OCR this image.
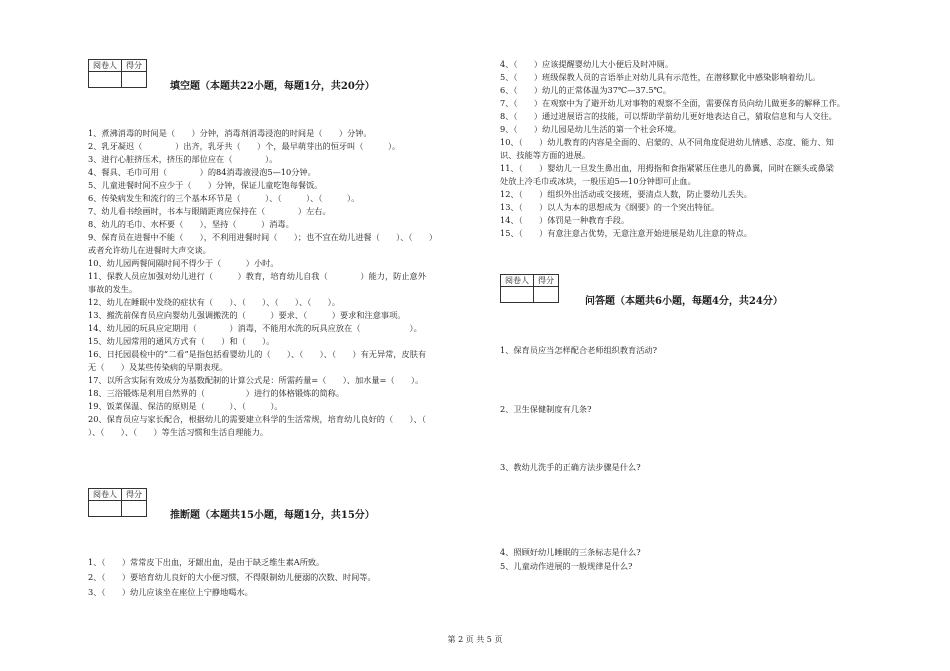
阅卷人	得分

填空题（本题共22小题，每题1分，共20分）
1、煮沸消毒的时间是（　　）分钟，消毒剂消毒浸泡的时间是（　　）分钟。
2、乳牙凝迟（　　　　）出齐，乳牙共（　　）个，最早萌芽出的恒牙叫（　　　）。
3、进行心脏挤压术，挤压的部位应在（　　　　）。
4、餐具、毛巾可用（　　　　）的84消毒液浸泡5—10分钟。
5、儿童进餐时间不应少于（　　）分钟，保证儿童吃饱每餐饭。
6、传染病发生和流行的三个基本环节是（　　　）、（　　　）、（　　　）。
7、幼儿看书绘画时，书本与眼睛距离应保持在（　　　　）左右。
8、幼儿的毛巾、水杯要（　　），坚持（　　　）消毒。
9、保育员在进餐中不能（　　），不利用进餐时间（　　）；也不宜在幼儿进餐（　　）、（　　）
或者允许幼儿在进餐时大声交谈。
10、幼儿园两餐间隔时间不得少于（　　　）小时。
11、保教人员应加强对幼儿进行（　　　）教育，培育幼儿自我（　　　　）能力，防止意外
事故的发生。
12、幼儿在睡眠中发绕的症状有（　　）、（　　）、（　　）、（　　）。
13、搬洗前保育员应向婴幼儿强调搬洗的（　　　）要求、（　　　）要求和注意事项。
14、幼儿园的玩具应定期用（　　　　）消毒，不能用水洗的玩具应放在（　　　　　　）。
15、幼儿园常用的通风方式有（　　）和（　　）。
16、日托园晨检中的“二看”是指包括看婴幼儿的（　　）、（　　）、（　　）有无异常，皮肤有
无（　　）及某些传染病的早期表现。
17、以所含实际有效成分为基数配制的计算公式是：所需药量=（　　）、加水量=（　　）。
18、三浴锻炼是利用自然界的（　　　　　）进行的体格锻炼的简称。
19、饭菜保温、保洁的原则是（　　　）、（　　　）。
20、保育员应与家长配合，根据幼儿的需要建立科学的生活常规，培育幼儿良好的（　　）、（
）、（　　）、（　　）等生活习惯和生活自理能力。
阅卷人	得分

推断题（本题共15小题，每题1分，共15分）
1、（　　）常常皮下出血，牙龈出血，是由于缺乏维生素A所致。
2、（　　）要培育幼儿良好的大小便习惯，不得限制幼儿便溺的次数、时间等。
3、（　　）幼儿应该坐在座位上宁静地喝水。
4、（　　）应该提醒婴幼儿大小便后及时冲厕。
5、（　　）班级保教人员的言语举止对幼儿具有示范性，在潜移默化中感染影响着幼儿。
6、（　　）幼儿的正常体温为37℃—37.5℃。
7、（　　）在观察中为了避开幼儿对事物的观察不全面，需要保育员向幼儿做更多的解释工作。
8、（　　）通过进展语言的技能，可以帮助学前幼儿更好地表达自己，猜取信息和与人交往。
9、（　　）幼儿园是幼儿生活的第一个社会环境。
10、（　　）幼儿教育的内容是全面的、启蒙的、从不同角度促进幼儿情感、态度、能力、知
识、技能等方面的进展。
11、（　　）婴幼儿一旦发生鼻出血，用拇指和食指紧紧压住患儿的鼻翼，同时在额头或鼻梁
处放上冷毛巾或冰块，一般压迫5—10分钟即可止血。
12、（　　）组织外出活动或交接班，要清点人数，防止婴幼儿丢失。
13、（　　）以人为本的思想成为《纲要》的一个突出特征。
14、（　　）体罚是一种教育手段。
15、（　　）有意注意占优势，无意注意开始进展是幼儿注意的特点。
阅卷人	得分

问答题（本题共6小题，每题4分，共24分）
1、保育员应当怎样配合老师组织教育活动?
2、卫生保健制度有几条?
3、教幼儿洗手的正确方法步骤是什么?
4、照顾好幼儿睡眠的三条标志是什么?
5、儿童动作进展的一般规律是什么?
第 2 页 共 5 页
